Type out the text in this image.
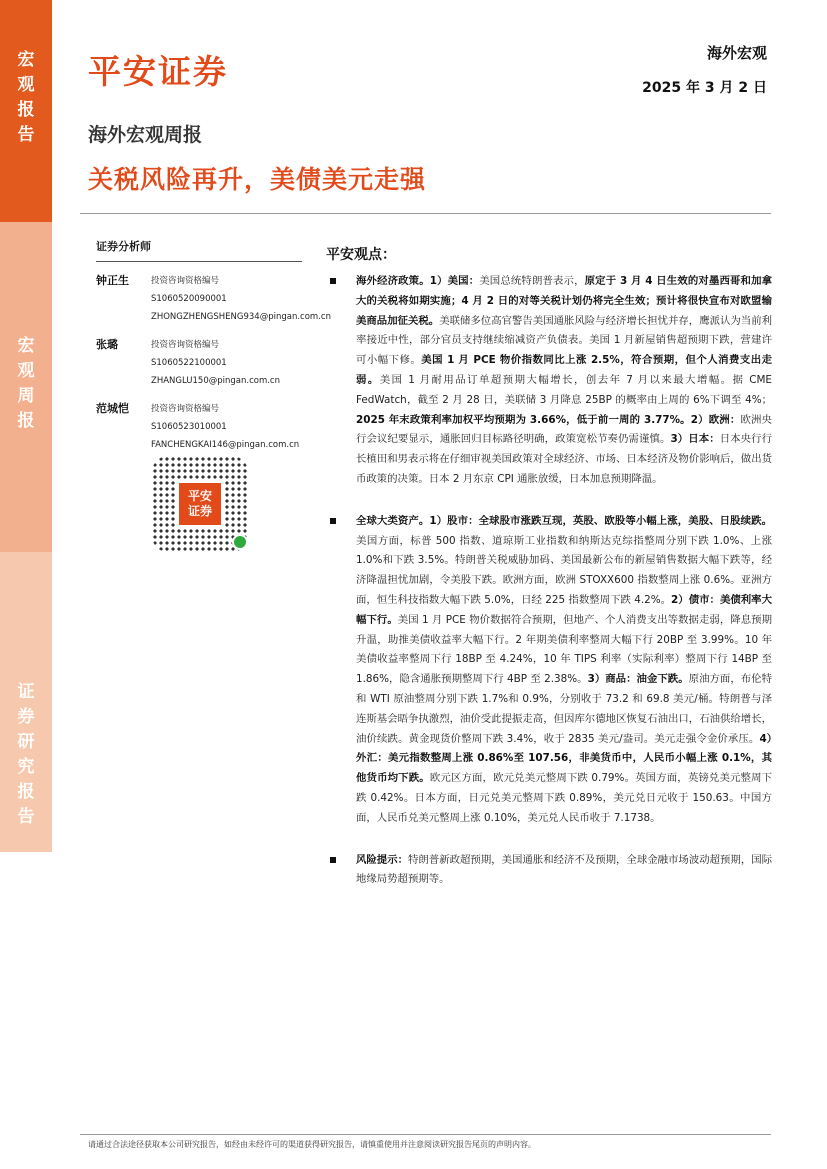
宏
观
报
告
宏
观
周
报
证
券
研
究
报
告
平安证券	海外宏观
2025 年 3 月 2 日
海外宏观周报
关税风险再升，美债美元走强
证券分析师
钟正生	投资咨询资格编号
S1060520090001
ZHONGZHENGSHENG934@pingan.com.cn
张璐	投资咨询资格编号
S1060522100001
ZHANGLU150@pingan.com.cn
范城恺	投资咨询资格编号
S1060523010001
FANCHENGKAI146@pingan.com.cn
平安
证券
平安观点：
海外经济政策。1）美国：美国总统特朗普表示，原定于 3 月 4 日生效的对墨西哥和加拿大的关税将如期实施；4 月 2 日的对等关税计划仍将完全生效；预计将很快宣布对欧盟输美商品加征关税。美联储多位高官警告美国通胀风险与经济增长担忧并存，鹰派认为当前利率接近中性，部分官员支持继续缩减资产负债表。美国 1 月新屋销售超预期下跌，营建许可小幅下修。美国 1 月 PCE 物价指数同比上涨 2.5%，符合预期，但个人消费支出走弱。美国 1 月耐用品订单超预期大幅增长，创去年 7 月以来最大增幅。据 CME FedWatch，截至 2 月 28 日，美联储 3 月降息 25BP 的概率由上周的 6%下调至 4%；2025 年末政策利率加权平均预期为 3.66%，低于前一周的 3.77%。2）欧洲：欧洲央行会议纪要显示，通胀回归目标路径明确，政策宽松节奏仍需谨慎。3）日本：日本央行行长植田和男表示将在仔细审视美国政策对全球经济、市场、日本经济及物价影响后，做出货币政策的决策。日本 2 月东京 CPI 通胀放缓，日本加息预期降温。
全球大类资产。1）股市：全球股市涨跌互现，英股、欧股等小幅上涨，美股、日股续跌。美国方面，标普 500 指数、道琼斯工业指数和纳斯达克综指整周分别下跌 1.0%、上涨 1.0%和下跌 3.5%。特朗普关税威胁加码、美国最新公布的新屋销售数据大幅下跌等，经济降温担忧加剧，令美股下跌。欧洲方面，欧洲 STOXX600 指数整周上涨 0.6%。亚洲方面，恒生科技指数大幅下跌 5.0%，日经 225 指数整周下跌 4.2%。2）债市：美债利率大幅下行。美国 1 月 PCE 物价数据符合预期，但地产、个人消费支出等数据走弱，降息预期升温，助推美债收益率大幅下行。2 年期美债利率整周大幅下行 20BP 至 3.99%。10 年美债收益率整周下行 18BP 至 4.24%，10 年 TIPS 利率（实际利率）整周下行 14BP 至 1.86%，隐含通胀预期整周下行 4BP 至 2.38%。3）商品：油金下跌。原油方面，布伦特和 WTI 原油整周分别下跌 1.7%和 0.9%，分别收于 73.2 和 69.8 美元/桶。特朗普与泽连斯基会晤争执激烈，油价受此提振走高，但因库尔德地区恢复石油出口，石油供给增长，油价续跌。黄金现货价整周下跌 3.4%，收于 2835 美元/盎司。美元走强令金价承压。4）外汇：美元指数整周上涨 0.86%至 107.56，非美货币中，人民币小幅上涨 0.1%，其他货币均下跌。欧元区方面，欧元兑美元整周下跌 0.79%。英国方面，英镑兑美元整周下跌 0.42%。日本方面，日元兑美元整周下跌 0.89%，美元兑日元收于 150.63。中国方面，人民币兑美元整周上涨 0.10%，美元兑人民币收于 7.1738。
风险提示：特朗普新政超预期，美国通胀和经济不及预期，全球金融市场波动超预期，国际地缘局势超预期等。
请通过合法途径获取本公司研究报告，如经由未经许可的渠道获得研究报告，请慎重使用并注意阅读研究报告尾页的声明内容。
